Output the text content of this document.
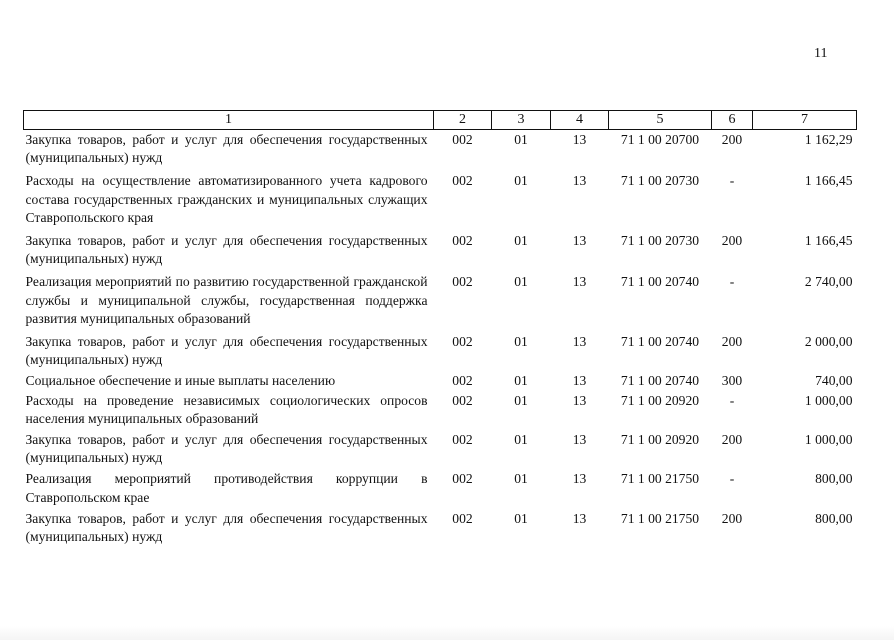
11
1	2	3	4	5	6	7
Закупка товаров, работ и услуг для обеспечения государственных (муниципальных) нужд	002	01	13	71 1 00 20700	200	1 162,29
Расходы на осуществление автоматизированного учета кадрового состава государственных гражданских и муниципальных служащих Ставропольского края	002	01	13	71 1 00 20730	-	1 166,45
Закупка товаров, работ и услуг для обеспечения государственных (муниципальных) нужд	002	01	13	71 1 00 20730	200	1 166,45
Реализация мероприятий по развитию государственной гражданской службы и муниципальной службы, государственная поддержка развития муниципальных образований	002	01	13	71 1 00 20740	-	2 740,00
Закупка товаров, работ и услуг для обеспечения государственных (муниципальных) нужд	002	01	13	71 1 00 20740	200	2 000,00
Социальное обеспечение и иные выплаты населению	002	01	13	71 1 00 20740	300	740,00
Расходы на проведение независимых социологических опросов населения муниципальных образований	002	01	13	71 1 00 20920	-	1 000,00
Закупка товаров, работ и услуг для обеспечения государственных (муниципальных) нужд	002	01	13	71 1 00 20920	200	1 000,00
Реализация мероприятий противодействия коррупции в Ставропольском крае	002	01	13	71 1 00 21750	-	800,00
Закупка товаров, работ и услуг для обеспечения государственных (муниципальных) нужд	002	01	13	71 1 00 21750	200	800,00
